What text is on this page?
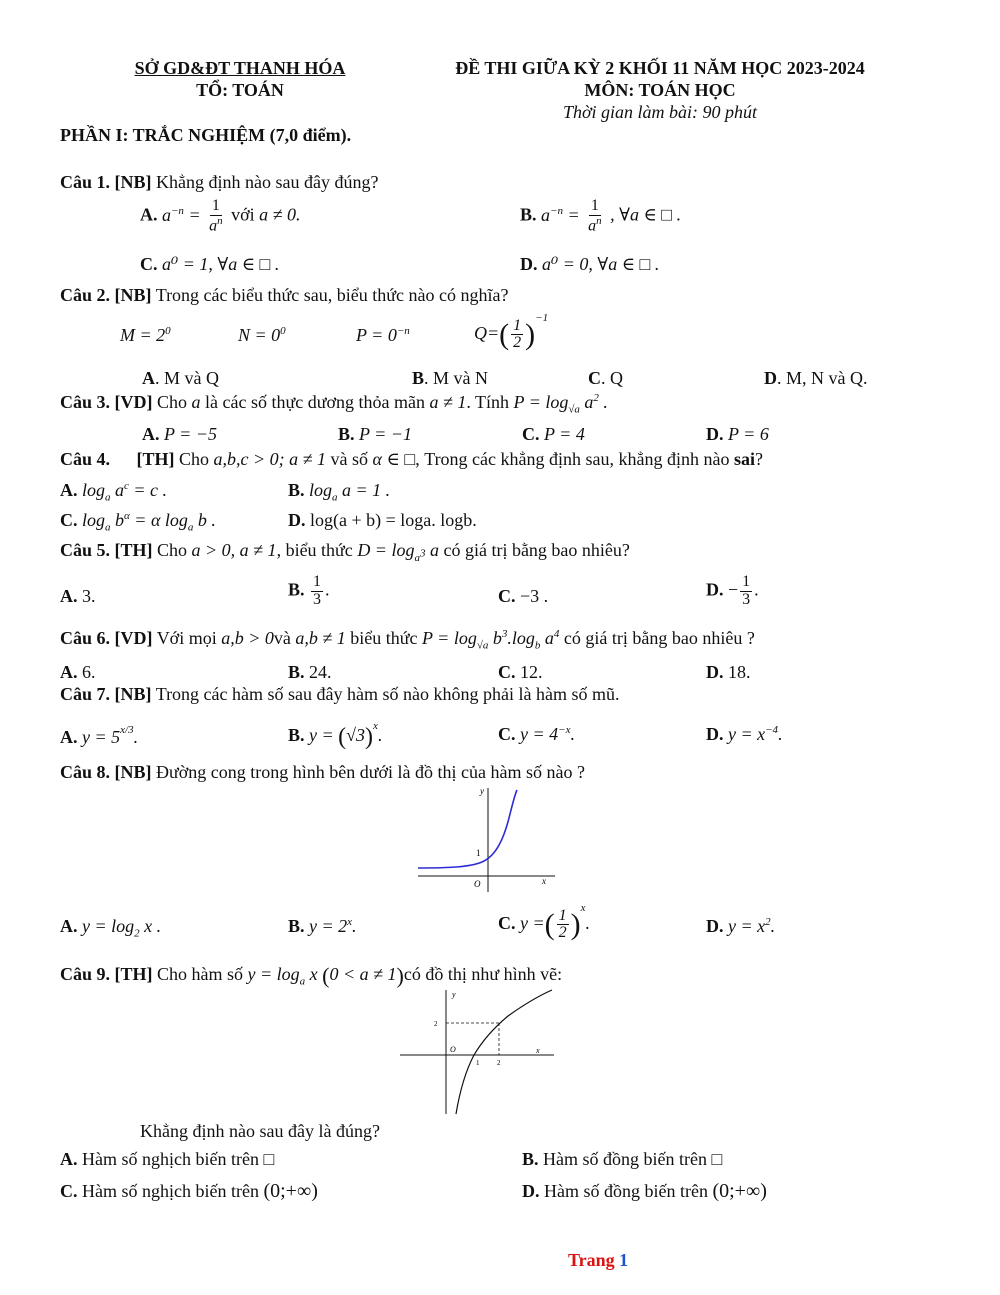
SỞ GD&ĐT THANH HÓA
TỔ: TOÁN
ĐỀ THI GIỮA KỲ 2 KHỐI 11 NĂM HỌC 2023-2024
MÔN: TOÁN HỌC
Thời gian làm bài: 90 phút
PHẦN I: TRẮC NGHIỆM (7,0 điểm).
Câu 1. [NB] Khẳng định nào sau đây đúng?
A. $a^{-n} = \frac{1}{a^n}$ với a ≠ 0.	B. $a^{-n} = \frac{1}{a^n}$ , ∀a ∈ □ .
C. a⁰ = 1, ∀a ∈ □ .	D. a⁰ = 0, ∀a ∈ □ .
Câu 2. [NB] Trong các biểu thức sau, biểu thức nào có nghĩa?
$M = 2^0$	$N = 0^0$	$P = 0^{-n}$	$Q=( \frac{1}{2} )^{-1}$
A. M và Q	B. M và N	C. Q	D. M, N và Q.
Câu 3. [VD] Cho a là các số thực dương thỏa mãn a ≠ 1. Tính $P = \log_{√a} a^2$ .
A. P = −5	B. P = −1	C. P = 4	D. P = 6
Câu 4. [TH] Cho a,b,c > 0; a ≠ 1 và số α ∈ □, Trong các khẳng định sau, khẳng định nào sai?
A. $\log_a a^c = c$ .	B. $\log_a a = 1$ .
C. $\log_a b^\alpha = \alpha$ $\log_a b$ .	D. log(a + b) = loga. logb.
Câu 5. [TH] Cho a > 0, a ≠ 1, biểu thức $D = \log_{a^3} a$ có giá trị bằng bao nhiêu?
A. 3.	B. $\frac{1}{3}$ .	C. −3 .	D. − $\frac{1}{3}$ .
Câu 6. [VD] Với mọi a,b > 0và a,b ≠ 1 biểu thức $P = \log_{√a} b^3.\log_b$ $a^4$ có giá trị bằng bao nhiêu ?
A. 6.	B. 24.	C. 12.	D. 18.
Câu 7. [NB] Trong các hàm số sau đây hàm số nào không phải là hàm số mũ.
A. $y = 5^{x/3}$.	B. $y = (√3)^x$.	C. $y = 4^{-x}$.	D. $y = x^{-4}$.
Câu 8. [NB] Đường cong trong hình bên dưới là đồ thị của hàm số nào ?
y
x
O
1
A. $y = \log_2 x$ .	B. $y = 2^x$.	C. y =( $\frac{1}{2} )^x$.	D. $y = x^2$.
Câu 9. [TH] Cho hàm số $y = \log_a x$ (0 < a ≠ 1)có đồ thị như hình vẽ:
y
x
O
1	2
2
Khẳng định nào sau đây là đúng?
A. Hàm số nghịch biến trên □	B. Hàm số đồng biến trên □
C. Hàm số nghịch biến trên (0;+∞)	D. Hàm số đồng biến trên (0;+∞)
Trang 1
